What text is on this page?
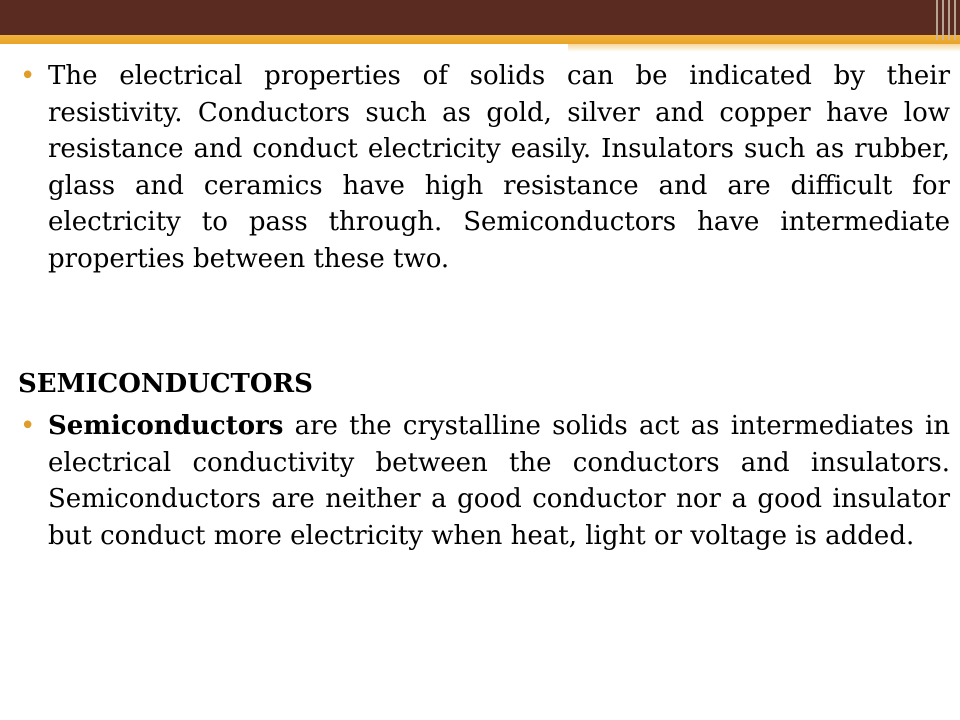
• The electrical properties of solids can be indicated by their resistivity. Conductors such as gold, silver and copper have low resistance and conduct electricity easily. Insulators such as rubber, glass and ceramics have high resistance and are difficult for electricity to pass through. Semiconductors have intermediate properties between these two.

SEMICONDUCTORS

• Semiconductors are the crystalline solids act as intermediates in electrical conductivity between the conductors and insulators. Semiconductors are neither a good conductor nor a good insulator but conduct more electricity when heat, light or voltage is added.
